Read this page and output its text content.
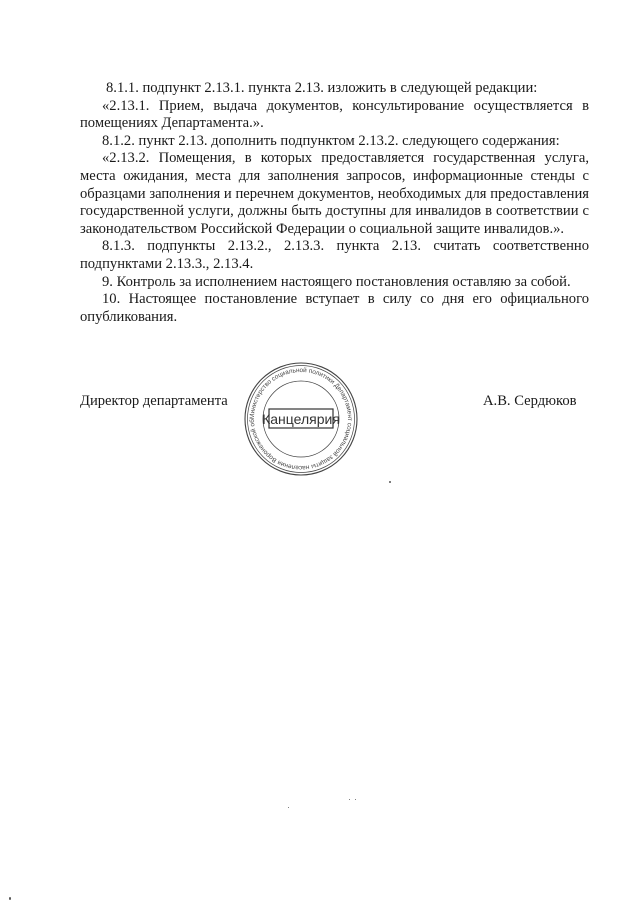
8.1.1. подпункт 2.13.1. пункта 2.13. изложить в следующей редакции:

«2.13.1. Прием, выдача документов, консультирование осуществляется в помещениях Департамента.».

8.1.2. пункт 2.13. дополнить подпунктом 2.13.2. следующего содержания:

«2.13.2. Помещения, в которых предоставляется государственная услуга, места ожидания, места для заполнения запросов, информационные стенды с образцами заполнения и перечнем документов, необходимых для предоставления государственной услуги, должны быть доступны для инвалидов в соответствии с законодательством Российской Федерации о социальной защите инвалидов.».

8.1.3. подпункты 2.13.2., 2.13.3. пункта 2.13. считать соответственно подпунктами 2.13.3., 2.13.4.

9. Контроль за исполнением настоящего постановления оставляю за собой.

10. Настоящее постановление вступает в силу со дня его официального опубликования.

Директор департамента	А.В. Сердюков
Министерство социальной политики Департамент социальной защиты населения Воронежской об Канцелярия
